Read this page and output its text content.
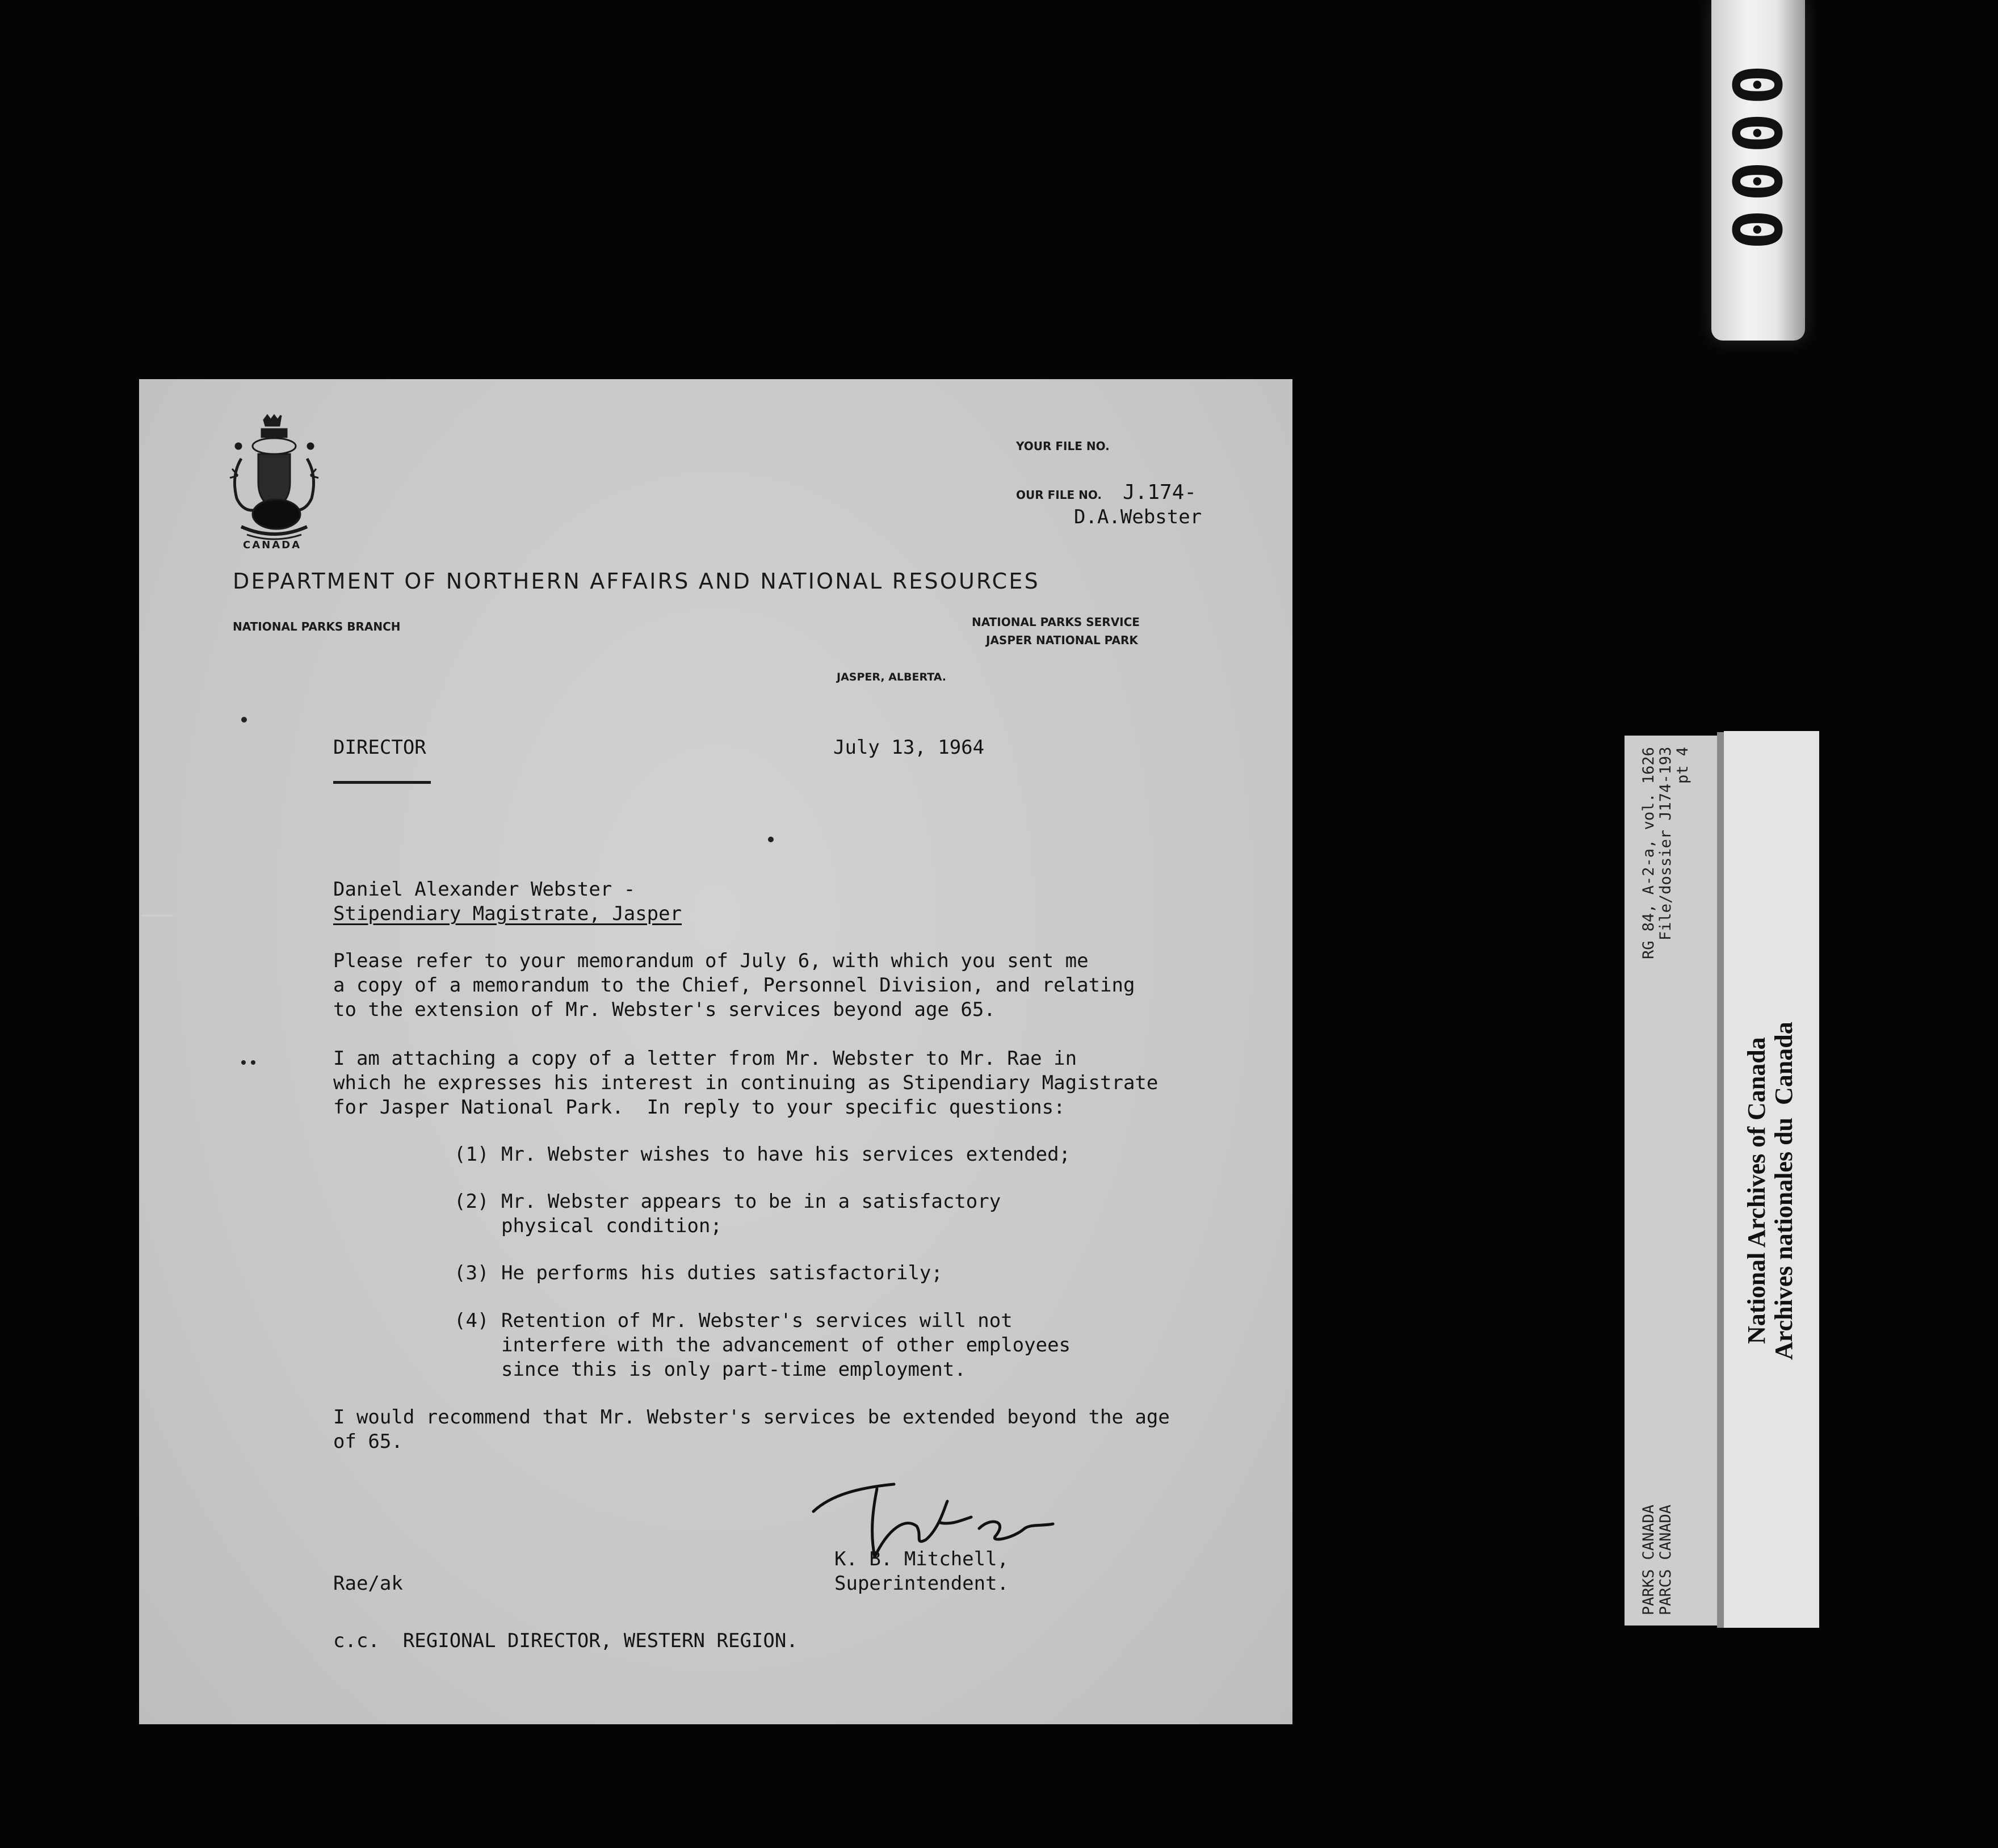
0000
CANADA
YOUR FILE NO.
OUR FILE NO. J.174-
D.A.Webster
DEPARTMENT OF NORTHERN AFFAIRS AND NATIONAL RESOURCES
NATIONAL PARKS BRANCH	NATIONAL PARKS SERVICE
JASPER NATIONAL PARK
JASPER, ALBERTA.
DIRECTOR	July 13, 1964
Daniel Alexander Webster -
Stipendiary Magistrate, Jasper
Please refer to your memorandum of July 6, with which you sent me
a copy of a memorandum to the Chief, Personnel Division, and relating
to the extension of Mr. Webster's services beyond age 65.
I am attaching a copy of a letter from Mr. Webster to Mr. Rae in
which he expresses his interest in continuing as Stipendiary Magistrate
for Jasper National Park.  In reply to your specific questions:
(1) Mr. Webster wishes to have his services extended;
(2) Mr. Webster appears to be in a satisfactory
physical condition;
(3) He performs his duties satisfactorily;
(4) Retention of Mr. Webster's services will not
interfere with the advancement of other employees
since this is only part-time employment.
I would recommend that Mr. Webster's services be extended beyond the age
of 65.
K. B. Mitchell,
Superintendent.
Rae/ak
c.c.  REGIONAL DIRECTOR, WESTERN REGION.
RG 84, A-2-a, vol. 1626
File/dossier J174-193
pt 4
PARKS CANADA
PARCS CANADA
National Archives of Canada
Archives nationales du  Canada
